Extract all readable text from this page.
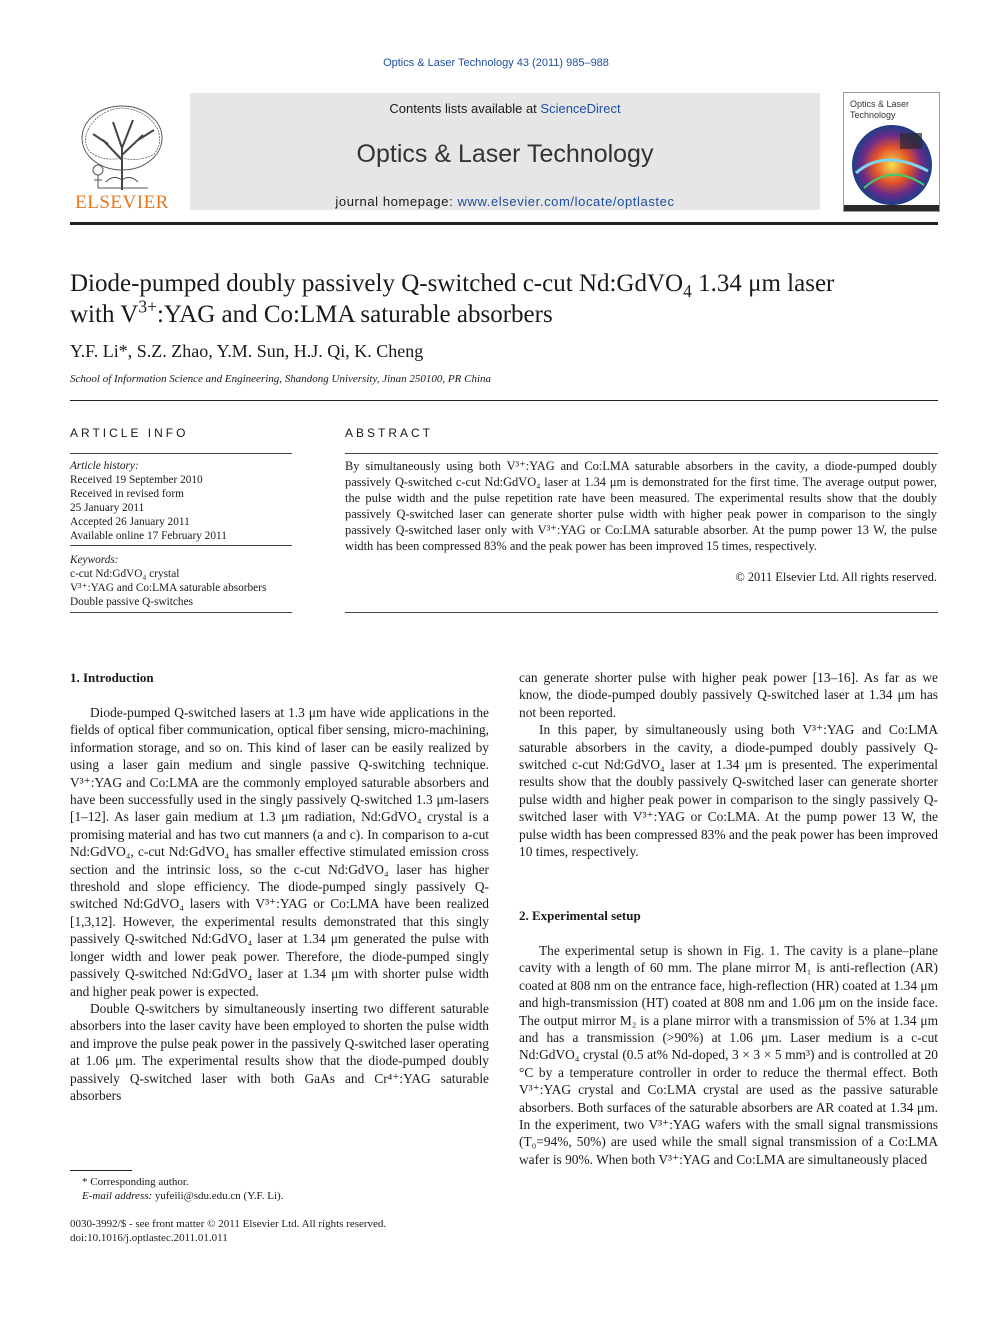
Optics & Laser Technology 43 (2011) 985–988
ELSEVIER
Contents lists available at ScienceDirect
Optics & Laser Technology
journal homepage: www.elsevier.com/locate/optlastec
Optics & Laser Technology
Diode-pumped doubly passively Q-switched c-cut Nd:GdVO$_4$ 1.34 μm laser
with $V^{3+}:YAG$ and Co:LMA saturable absorbers
Y.F. Li*, S.Z. Zhao, Y.M. Sun, H.J. Qi, K. Cheng
School of Information Science and Engineering, Shandong University, Jinan 250100, PR China
ARTICLE INFO	ABSTRACT
Article history:
Received 19 September 2010
Received in revised form
25 January 2011
Accepted 26 January 2011
Available online 17 February 2011
Keywords:
c-cut Nd:GdVO₄ crystal
V³⁺:YAG and Co:LMA saturable absorbers
Double passive Q-switches
By simultaneously using both V³⁺:YAG and Co:LMA saturable absorbers in the cavity, a diode-pumped doubly passively Q-switched c-cut Nd:GdVO₄ laser at 1.34 μm is demonstrated for the first time. The average output power, the pulse width and the pulse repetition rate have been measured. The experimental results show that the doubly passively Q-switched laser can generate shorter pulse width with higher peak power in comparison to the singly passively Q-switched laser only with V³⁺:YAG or Co:LMA saturable absorber. At the pump power 13 W, the pulse width has been compressed 83% and the peak power has been improved 15 times, respectively.
© 2011 Elsevier Ltd. All rights reserved.
1. Introduction

Diode-pumped Q-switched lasers at 1.3 μm have wide applications in the fields of optical fiber communication, optical fiber sensing, micro-machining, information storage, and so on. This kind of laser can be easily realized by using a laser gain medium and single passive Q-switching technique. V³⁺:YAG and Co:LMA are the commonly employed saturable absorbers and have been successfully used in the singly passively Q-switched 1.3 μm-lasers [1–12]. As laser gain medium at 1.3 μm radiation, Nd:GdVO₄ crystal is a promising material and has two cut manners (a and c). In comparison to a-cut Nd:GdVO₄, c-cut Nd:GdVO₄ has smaller effective stimulated emission cross section and the intrinsic loss, so the c-cut Nd:GdVO₄ laser has higher threshold and slope efficiency. The diode-pumped singly passively Q-switched Nd:GdVO₄ lasers with V³⁺:YAG or Co:LMA have been realized [1,3,12]. However, the experimental results demonstrated that this singly passively Q-switched Nd:GdVO₄ laser at 1.34 μm generated the pulse with longer width and lower peak power. Therefore, the diode-pumped singly passively Q-switched Nd:GdVO₄ laser at 1.34 μm with shorter pulse width and higher peak power is expected.

Double Q-switchers by simultaneously inserting two different saturable absorbers into the laser cavity have been employed to shorten the pulse width and improve the pulse peak power in the passively Q-switched laser operating at 1.06 μm. The experimental results show that the diode-pumped doubly passively Q-switched laser with both GaAs and Cr⁴⁺:YAG saturable absorbers

can generate shorter pulse with higher peak power [13–16]. As far as we know, the diode-pumped doubly passively Q-switched laser at 1.34 μm has not been reported.

In this paper, by simultaneously using both V³⁺:YAG and Co:LMA saturable absorbers in the cavity, a diode-pumped doubly passively Q-switched c-cut Nd:GdVO₄ laser at 1.34 μm is presented. The experimental results show that the doubly passively Q-switched laser can generate shorter pulse width and higher peak power in comparison to the singly passively Q-switched laser with V³⁺:YAG or Co:LMA. At the pump power 13 W, the pulse width has been compressed 83% and the peak power has been improved 10 times, respectively.

2. Experimental setup

The experimental setup is shown in Fig. 1. The cavity is a plane–plane cavity with a length of 60 mm. The plane mirror M₁ is anti-reflection (AR) coated at 808 nm on the entrance face, high-reflection (HR) coated at 1.34 μm and high-transmission (HT) coated at 808 nm and 1.06 μm on the inside face. The output mirror M₂ is a plane mirror with a transmission of 5% at 1.34 μm and has a transmission (>90%) at 1.06 μm. Laser medium is a c-cut Nd:GdVO₄ crystal (0.5 at% Nd-doped, 3 × 3 × 5 mm³) and is controlled at 20 °C by a temperature controller in order to reduce the thermal effect. Both V³⁺:YAG crystal and Co:LMA crystal are used as the passive saturable absorbers. Both surfaces of the saturable absorbers are AR coated at 1.34 μm. In the experiment, two V³⁺:YAG wafers with the small signal transmissions (T₀=94%, 50%) are used while the small signal transmission of a Co:LMA wafer is 90%. When both V³⁺:YAG and Co:LMA are simultaneously placed

* Corresponding author.
E-mail address: yufeili@sdu.edu.cn (Y.F. Li).
0030-3992/$ - see front matter © 2011 Elsevier Ltd. All rights reserved.
doi:10.1016/j.optlastec.2011.01.011
